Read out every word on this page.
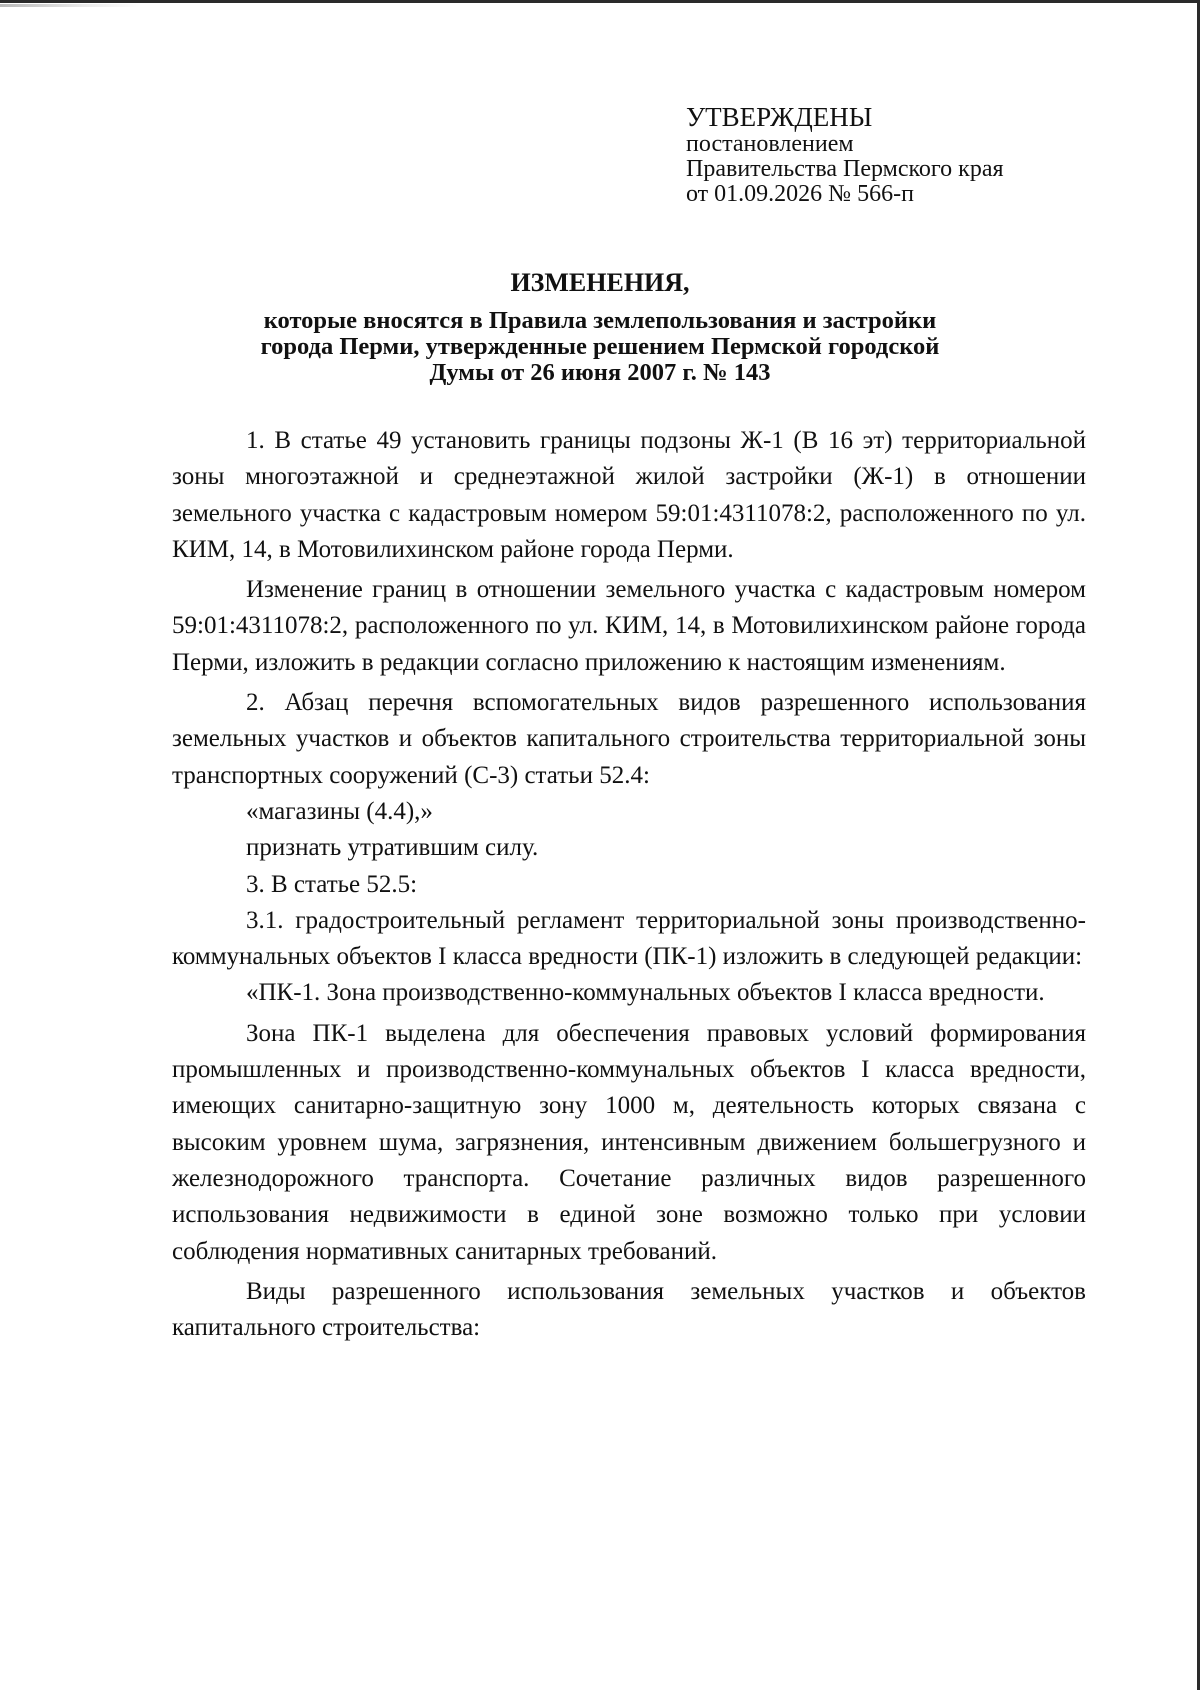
УТВЕРЖДЕНЫ
постановлением
Правительства Пермского края
от 01.09.2026 № 566-п
ИЗМЕНЕНИЯ,
которые вносятся в Правила землепользования и застройки
города Перми, утвержденные решением Пермской городской
Думы от 26 июня 2007 г. № 143

1. В статье 49 установить границы подзоны Ж-1 (В 16 эт) территориальной зоны многоэтажной и среднеэтажной жилой застройки (Ж-1) в отношении земельного участка с кадастровым номером 59:01:4311078:2, расположенного по ул. КИМ, 14, в Мотовилихинском районе города Перми.

Изменение границ в отношении земельного участка с кадастровым номером 59:01:4311078:2, расположенного по ул. КИМ, 14, в Мотовилихинском районе города Перми, изложить в редакции согласно приложению к настоящим изменениям.

2. Абзац перечня вспомогательных видов разрешенного использования земельных участков и объектов капитального строительства территориальной зоны транспортных сооружений (С-3) статьи 52.4:

«магазины (4.4),»

признать утратившим силу.

3. В статье 52.5:

3.1. градостроительный регламент территориальной зоны производственно-коммунальных объектов I класса вредности (ПК-1) изложить в следующей редакции:

«ПК-1. Зона производственно-коммунальных объектов I класса вредности.

Зона ПК-1 выделена для обеспечения правовых условий формирования промышленных и производственно-коммунальных объектов I класса вредности, имеющих санитарно-защитную зону 1000 м, деятельность которых связана с высоким уровнем шума, загрязнения, интенсивным движением большегрузного и железнодорожного транспорта. Сочетание различных видов разрешенного использования недвижимости в единой зоне возможно только при условии соблюдения нормативных санитарных требований.

Виды разрешенного использования земельных участков и объектов капитального строительства:
